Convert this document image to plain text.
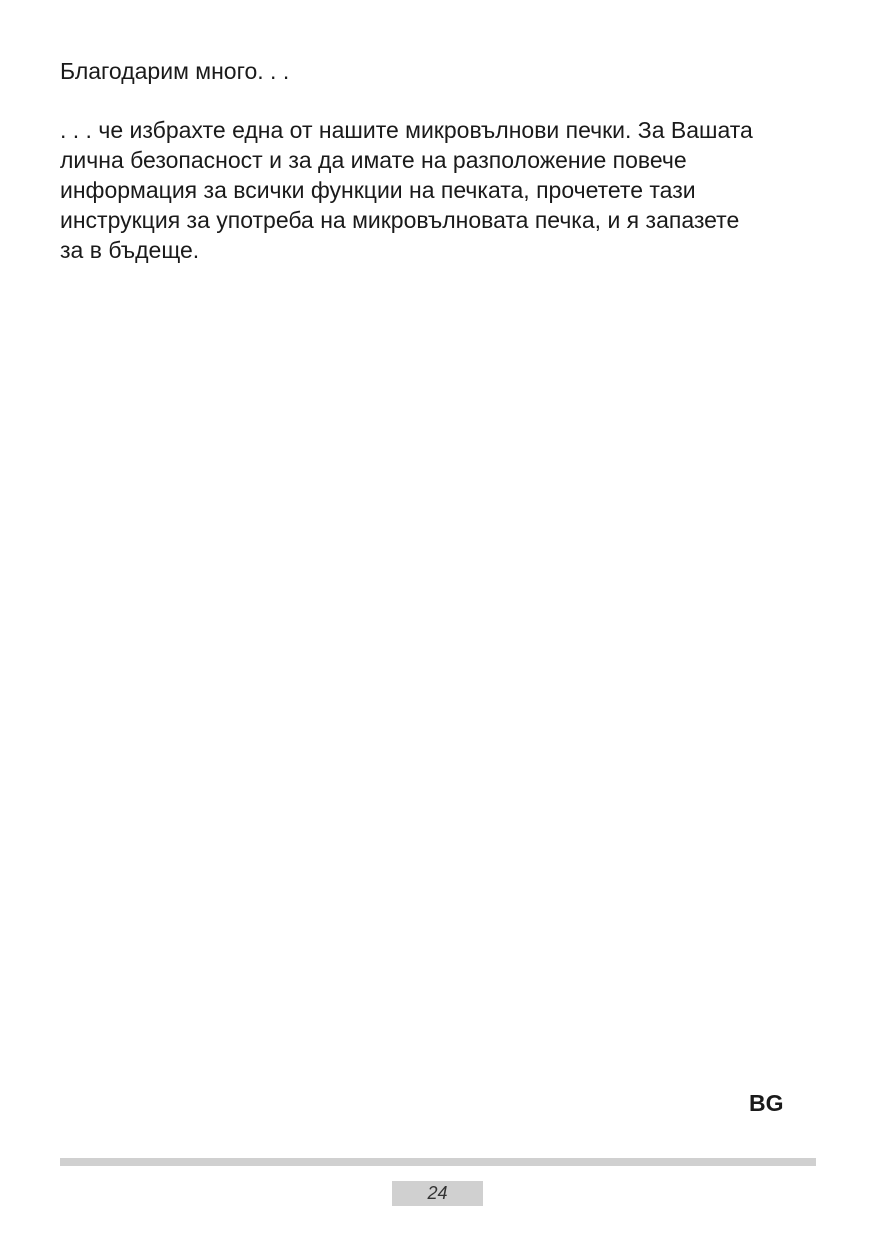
Благодарим много. . .

. . . че избрахте една от нашите микровълнови печки. За Вашата
лична безопасност и за да имате на разположение повече
информация за всички функции на печката, прочетете тази
инструкция за употреба на микровълновата печка, и я запазете
за в бъдеще.

BG
24
